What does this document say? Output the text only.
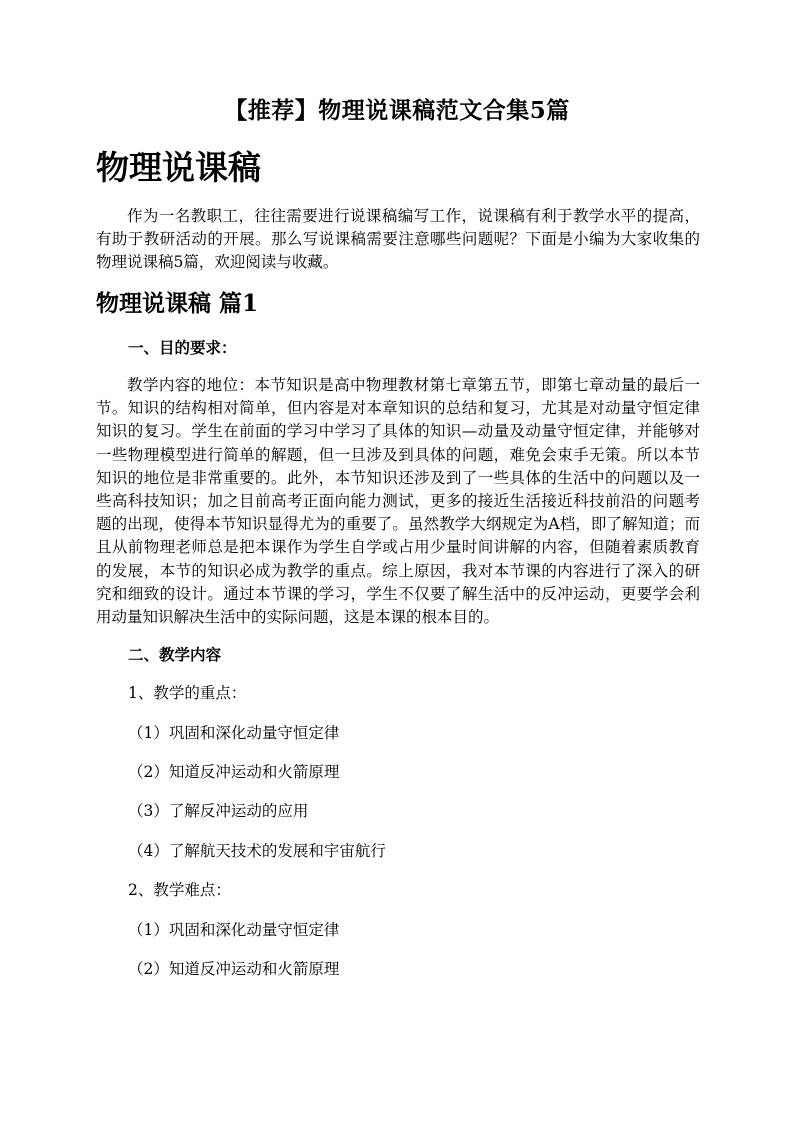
【推荐】物理说课稿范文合集5篇
物理说课稿

作为一名教职工，往往需要进行说课稿编写工作，说课稿有利于教学水平的提高，有助于教研活动的开展。那么写说课稿需要注意哪些问题呢？下面是小编为大家收集的物理说课稿5篇，欢迎阅读与收藏。

物理说课稿 篇1

一、目的要求：

教学内容的地位：本节知识是高中物理教材第七章第五节，即第七章动量的最后一节。知识的结构相对简单，但内容是对本章知识的总结和复习，尤其是对动量守恒定律知识的复习。学生在前面的学习中学习了具体的知识—动量及动量守恒定律，并能够对一些物理模型进行简单的解题，但一旦涉及到具体的问题，难免会束手无策。所以本节知识的地位是非常重要的。此外，本节知识还涉及到了一些具体的生活中的问题以及一些高科技知识；加之目前高考正面向能力测试，更多的接近生活接近科技前沿的问题考题的出现，使得本节知识显得尤为的重要了。虽然教学大纲规定为A档，即了解知道；而且从前物理老师总是把本课作为学生自学或占用少量时间讲解的内容，但随着素质教育的发展，本节的知识必成为教学的重点。综上原因，我对本节课的内容进行了深入的研究和细致的设计。通过本节课的学习，学生不仅要了解生活中的反冲运动，更要学会利用动量知识解决生活中的实际问题，这是本课的根本目的。

二、教学内容

1、教学的重点：

（1）巩固和深化动量守恒定律

（2）知道反冲运动和火箭原理

（3）了解反冲运动的应用

（4）了解航天技术的发展和宇宙航行

2、教学难点：

（1）巩固和深化动量守恒定律

（2）知道反冲运动和火箭原理
